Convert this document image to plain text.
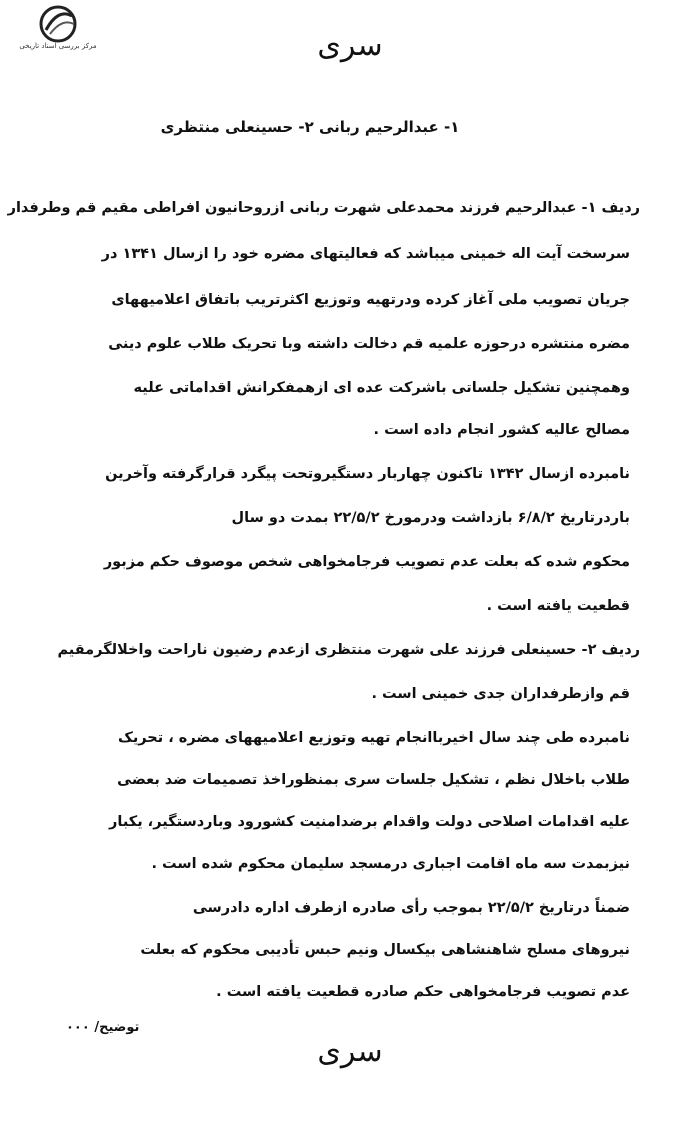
مرکز بررسی اسناد تاریخی	سری
۱- عبدالرحیم ربانی ۲- حسینعلی منتظری
ردیف ۱- عبدالرحیم فرزند محمدعلی شهرت ربانی ازروحانیون افراطی مقیم قم وطرفدار
سرسخت آیت اله خمینی میباشد که فعالیتهای مضره خود را ازسال ۱۳۴۱ در
جریان تصویب ملی آغاز کرده ودرتهیه وتوزیع اکثرتریب باتفاق اعلامیههای
مضره منتشره درحوزه علمیه قم دخالت داشته وبا تحریک طلاب علوم دینی
وهمچنین تشکیل جلساتی باشرکت عده ای ازهمفکرانش اقداماتی علیه
مصالح عالیه کشور انجام داده است .
نامبرده ازسال ۱۳۴۲ تاکنون چهاربار دستگیروتحت پیگرد قرارگرفته وآخرین
باردرتاریخ ۶/۸/۲ بازداشت ودرمورخ ۲۲/۵/۲ بمدت دو سال
محکوم شده که بعلت عدم تصویب فرجامخواهی شخص موصوف حکم مزبور
قطعیت یافته است .
ردیف ۲- حسینعلی فرزند علی شهرت منتظری ازعدم رضیون ناراحت واخلالگرمقیم
قم وازطرفداران جدی خمینی است .
نامبرده طی چند سال اخیرباانجام تهیه وتوزیع اعلامیههای مضره ، تحریک
طلاب باخلال نظم ، تشکیل جلسات سری بمنظوراخذ تصمیمات ضد بعضی
علیه اقدامات اصلاحی دولت واقدام برضدامنیت کشورود وباردستگیر، یکبار
نیزبمدت سه ماه اقامت اجباری درمسجد سلیمان محکوم شده است .
ضمناً درتاریخ ۲۲/۵/۲ بموجب رأی صادره ازطرف اداره دادرسی
نیروهای مسلح شاهنشاهی بیکسال ونیم حبس تأدیبی محکوم که بعلت
عدم تصویب فرجامخواهی حکم صادره قطعیت یافته است .
توضیح/ ۰۰۰
سری
